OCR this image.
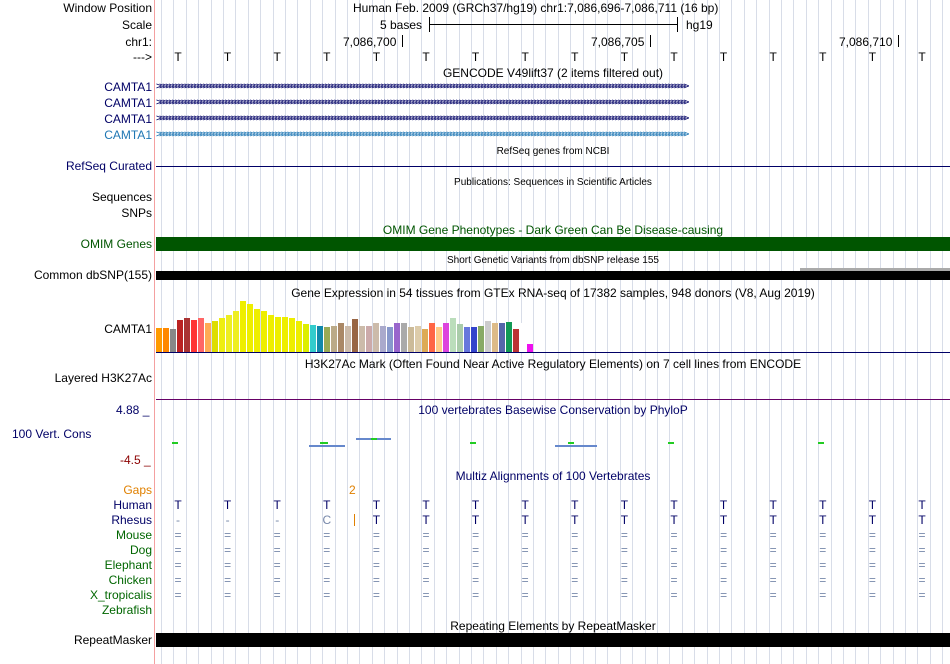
Window Position	Human Feb. 2009 (GRCh37/hg19) chr1:7,086,696-7,086,711 (16 bp)
Scale	5 bases	hg19
chr1:	7,086,700	7,086,705	7,086,710
--->	T	T	T	T	T	T	T	T	T	T	T	T	T	T	T	T
GENCODE V49lift37 (2 items filtered out)
CAMTA1 >>>>>>>>>>>>>>>>>>>>>>>>>>>>>>>>>>>>>>>>>>>>>>>>>>>>>>>>>>>>>>>>>>>>>>>>>>>>>>>>>>>>>>>>>>>>>>>>>>>>>>>>>>>>>>>>>>>>>>>>>>>>>>>>>>>>>>>>>>>>>>>>>>>>>>>>>>>>>>>>>>>>>>>>>>
CAMTA1 >>>>>>>>>>>>>>>>>>>>>>>>>>>>>>>>>>>>>>>>>>>>>>>>>>>>>>>>>>>>>>>>>>>>>>>>>>>>>>>>>>>>>>>>>>>>>>>>>>>>>>>>>>>>>>>>>>>>>>>>>>>>>>>>>>>>>>>>>>>>>>>>>>>>>>>>>>>>>>>>>>>>>>>>>>
CAMTA1 >>>>>>>>>>>>>>>>>>>>>>>>>>>>>>>>>>>>>>>>>>>>>>>>>>>>>>>>>>>>>>>>>>>>>>>>>>>>>>>>>>>>>>>>>>>>>>>>>>>>>>>>>>>>>>>>>>>>>>>>>>>>>>>>>>>>>>>>>>>>>>>>>>>>>>>>>>>>>>>>>>>>>>>>>>
CAMTA1 >>>>>>>>>>>>>>>>>>>>>>>>>>>>>>>>>>>>>>>>>>>>>>>>>>>>>>>>>>>>>>>>>>>>>>>>>>>>>>>>>>>>>>>>>>>>>>>>>>>>>>>>>>>>>>>>>>>>>>>>>>>>>>>>>>>>>>>>>>>>>>>>>>>>>>>>>>>>>>>>>>>>>>>>>>
RefSeq genes from NCBI
RefSeq Curated
Publications: Sequences in Scientific Articles
Sequences
SNPs
OMIM Gene Phenotypes - Dark Green Can Be Disease-causing
OMIM Genes
Short Genetic Variants from dbSNP release 155
Common dbSNP(155)
Gene Expression in 54 tissues from GTEx RNA-seq of 17382 samples, 948 donors (V8, Aug 2019)
CAMTA1
H3K27Ac Mark (Often Found Near Active Regulatory Elements) on 7 cell lines from ENCODE
Layered H3K27Ac
100 vertebrates Basewise Conservation by PhyloP
4.88 _
100 Vert. Cons
-4.5 _
Multiz Alignments of 100 Vertebrates
Gaps	2
Human	T	T	T	T	T	T	T	T	T	T	T	T	T	T	T	T
Rhesus	-	-	-	C	T	T	T	T	T	T	T	T	T	T	T	T
Mouse	=	=	=	=	=	=	=	=	=	=	=	=	=	=	=	=
Dog	=	=	=	=	=	=	=	=	=	=	=	=	=	=	=	=
Elephant	=	=	=	=	=	=	=	=	=	=	=	=	=	=	=	=
Chicken	=	=	=	=	=	=	=	=	=	=	=	=	=	=	=	=
X_tropicalis	=	=	=	=	=	=	=	=	=	=	=	=	=	=	=	=
Zebrafish
Repeating Elements by RepeatMasker
RepeatMasker
